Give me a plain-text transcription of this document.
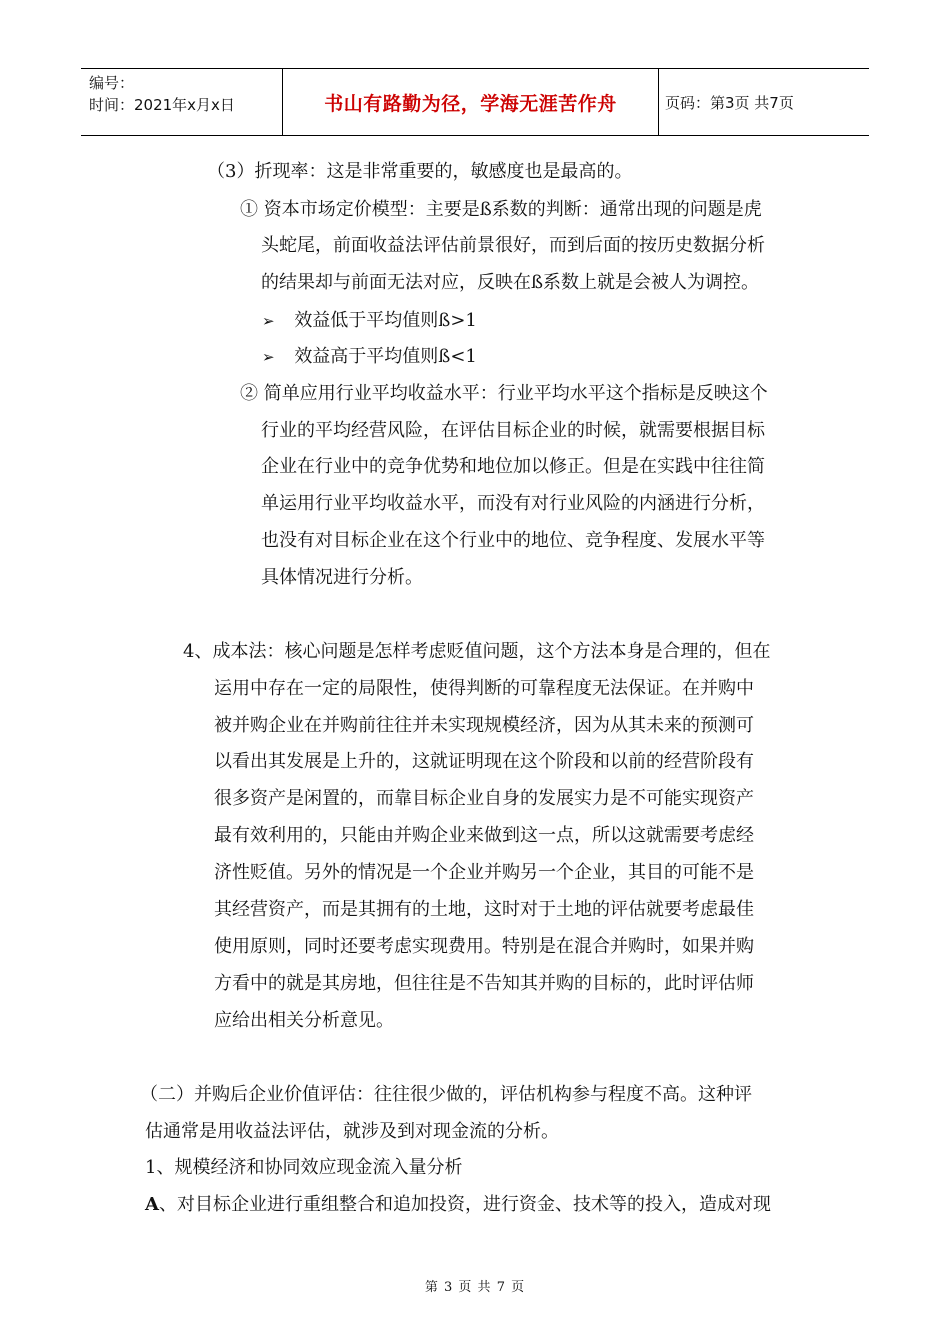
编号：
时间：2021年x月x日	书山有路勤为径，学海无涯苦作舟	页码：第3页 共7页
（3）折现率：这是非常重要的，敏感度也是最高的。
① 资本市场定价模型：主要是ß系数的判断：通常出现的问题是虎
头蛇尾，前面收益法评估前景很好，而到后面的按历史数据分析
的结果却与前面无法对应，反映在ß系数上就是会被人为调控。
➢ 效益低于平均值则ß>1
➢ 效益高于平均值则ß<1
② 简单应用行业平均收益水平：行业平均水平这个指标是反映这个
行业的平均经营风险，在评估目标企业的时候，就需要根据目标
企业在行业中的竞争优势和地位加以修正。但是在实践中往往简
单运用行业平均收益水平，而没有对行业风险的内涵进行分析，
也没有对目标企业在这个行业中的地位、竞争程度、发展水平等
具体情况进行分析。
4、成本法：核心问题是怎样考虑贬值问题，这个方法本身是合理的，但在
运用中存在一定的局限性，使得判断的可靠程度无法保证。在并购中
被并购企业在并购前往往并未实现规模经济，因为从其未来的预测可
以看出其发展是上升的，这就证明现在这个阶段和以前的经营阶段有
很多资产是闲置的，而靠目标企业自身的发展实力是不可能实现资产
最有效利用的，只能由并购企业来做到这一点，所以这就需要考虑经
济性贬值。另外的情况是一个企业并购另一个企业，其目的可能不是
其经营资产，而是其拥有的土地，这时对于土地的评估就要考虑最佳
使用原则，同时还要考虑实现费用。特别是在混合并购时，如果并购
方看中的就是其房地，但往往是不告知其并购的目标的，此时评估师
应给出相关分析意见。
（二）并购后企业价值评估：往往很少做的，评估机构参与程度不高。这种评
估通常是用收益法评估，就涉及到对现金流的分析。
1、规模经济和协同效应现金流入量分析
A、对目标企业进行重组整合和追加投资，进行资金、技术等的投入，造成对现
第 3 页 共 7 页
